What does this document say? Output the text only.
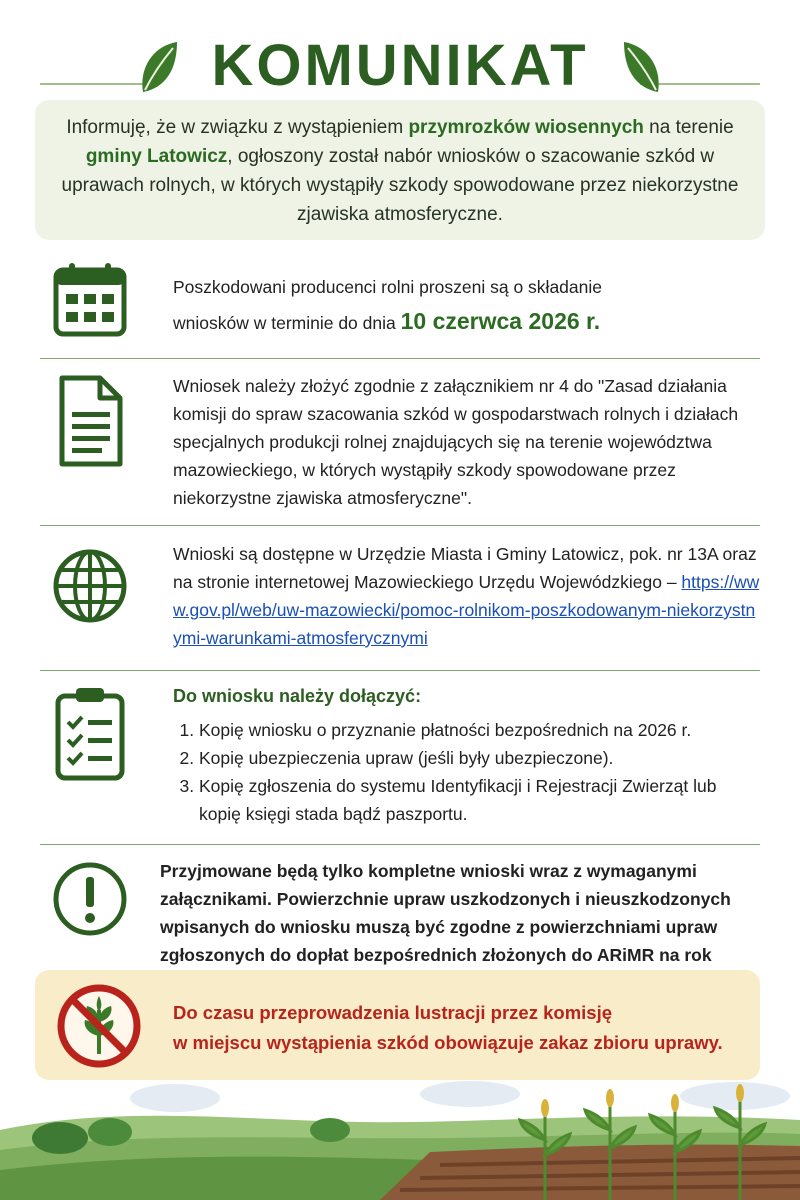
KOMUNIKAT

Informuję, że w związku z wystąpieniem przymrozków wiosennych na terenie gminy Latowicz, ogłoszony został nabór wniosków o szacowanie szkód w uprawach rolnych, w których wystąpiły szkody spowodowane przez niekorzystne zjawiska atmosferyczne.

Poszkodowani producenci rolni proszeni są o składanie
wniosków w terminie do dnia 10 czerwca 2026 r.
Wniosek należy złożyć zgodnie z załącznikiem nr 4 do "Zasad działania komisji do spraw szacowania szkód w gospodarstwach rolnych i działach specjalnych produkcji rolnej znajdujących się na terenie województwa mazowieckiego, w których wystąpiły szkody spowodowane przez niekorzystne zjawiska atmosferyczne".
Wnioski są dostępne w Urzędzie Miasta i Gminy Latowicz, pok. nr 13A oraz na stronie internetowej Mazowieckiego Urzędu Wojewódzkiego – https://www.gov.pl/web/uw-mazowiecki/pomoc-rolnikom-poszkodowanym-niekorzystnymi-warunkami-atmosferycznymi
Do wniosku należy dołączyć:
1. Kopię wniosku o przyznanie płatności bezpośrednich na 2026 r.
2. Kopię ubezpieczenia upraw (jeśli były ubezpieczone).
3. Kopię zgłoszenia do systemu Identyfikacji i Rejestracji Zwierząt lub kopię księgi stada bądź paszportu.
Przyjmowane będą tylko kompletne wnioski wraz z wymaganymi załącznikami. Powierzchnie upraw uszkodzonych i nieuszkodzonych wpisanych do wniosku muszą być zgodne z powierzchniami upraw zgłoszonych do dopłat bezpośrednich złożonych do ARiMR na rok
Do czasu przeprowadzenia lustracji przez komisję
w miejscu wystąpienia szkód obowiązuje zakaz zbioru uprawy.
